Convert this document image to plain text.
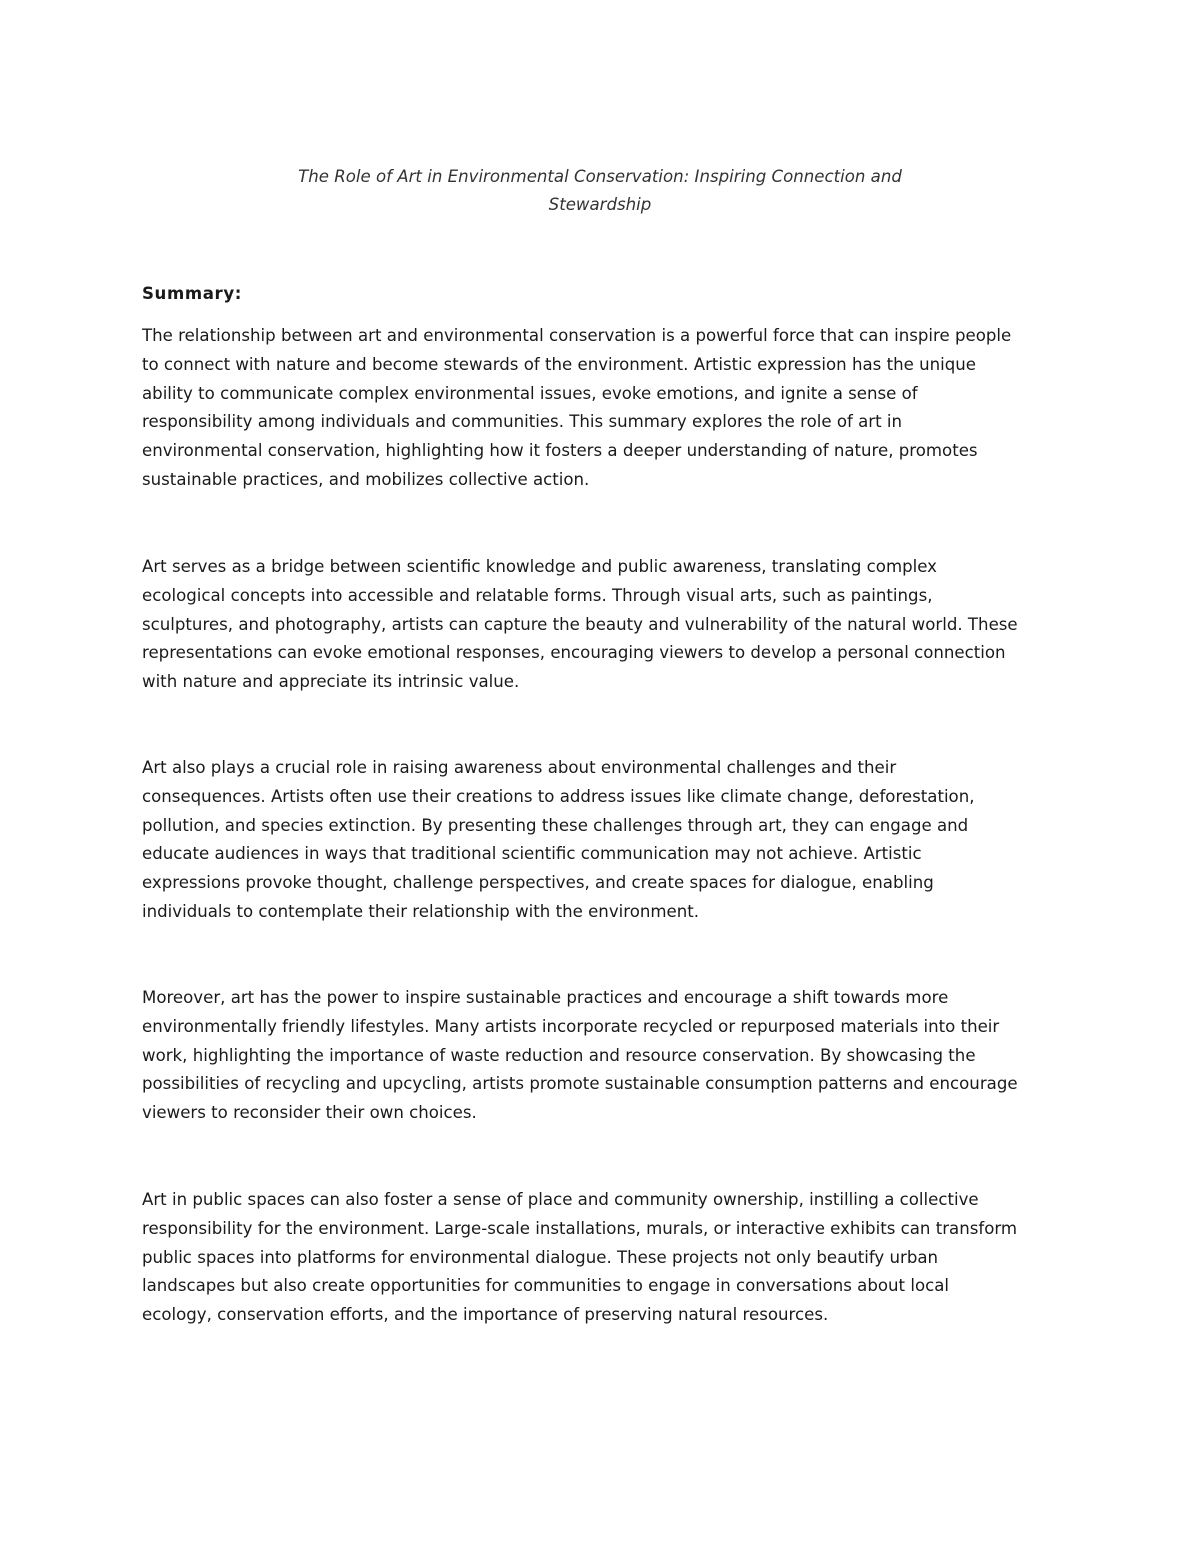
The Role of Art in Environmental Conservation: Inspiring Connection and
Stewardship
Summary:
The relationship between art and environmental conservation is a powerful force that can inspire people
to connect with nature and become stewards of the environment. Artistic expression has the unique
ability to communicate complex environmental issues, evoke emotions, and ignite a sense of
responsibility among individuals and communities. This summary explores the role of art in
environmental conservation, highlighting how it fosters a deeper understanding of nature, promotes
sustainable practices, and mobilizes collective action.
Art serves as a bridge between scientific knowledge and public awareness, translating complex
ecological concepts into accessible and relatable forms. Through visual arts, such as paintings,
sculptures, and photography, artists can capture the beauty and vulnerability of the natural world. These
representations can evoke emotional responses, encouraging viewers to develop a personal connection
with nature and appreciate its intrinsic value.
Art also plays a crucial role in raising awareness about environmental challenges and their
consequences. Artists often use their creations to address issues like climate change, deforestation,
pollution, and species extinction. By presenting these challenges through art, they can engage and
educate audiences in ways that traditional scientific communication may not achieve. Artistic
expressions provoke thought, challenge perspectives, and create spaces for dialogue, enabling
individuals to contemplate their relationship with the environment.
Moreover, art has the power to inspire sustainable practices and encourage a shift towards more
environmentally friendly lifestyles. Many artists incorporate recycled or repurposed materials into their
work, highlighting the importance of waste reduction and resource conservation. By showcasing the
possibilities of recycling and upcycling, artists promote sustainable consumption patterns and encourage
viewers to reconsider their own choices.
Art in public spaces can also foster a sense of place and community ownership, instilling a collective
responsibility for the environment. Large-scale installations, murals, or interactive exhibits can transform
public spaces into platforms for environmental dialogue. These projects not only beautify urban
landscapes but also create opportunities for communities to engage in conversations about local
ecology, conservation efforts, and the importance of preserving natural resources.
